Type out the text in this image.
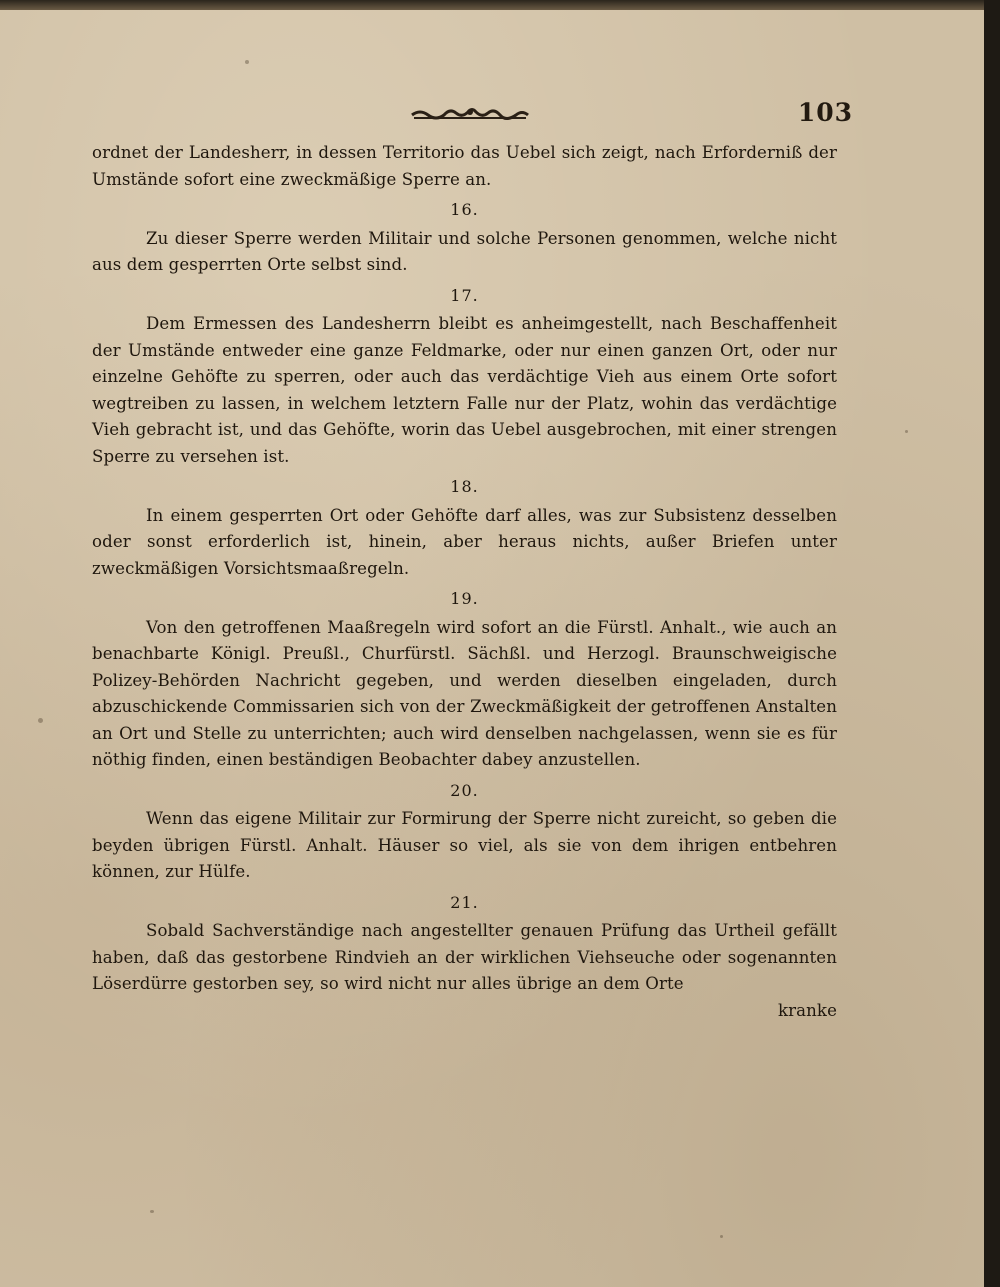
103

ordnet der Landesherr, in dessen Territorio das Uebel sich zeigt, nach Erforderniß der Umstände sofort eine zweckmäßige Sperre an.

16.

Zu dieser Sperre werden Militair und solche Personen genommen, welche nicht aus dem gesperrten Orte selbst sind.

17.

Dem Ermessen des Landesherrn bleibt es anheimgestellt, nach Beschaffenheit der Umstände entweder eine ganze Feldmarke, oder nur einen ganzen Ort, oder nur einzelne Gehöfte zu sperren, oder auch das verdächtige Vieh aus einem Orte sofort wegtreiben zu lassen, in welchem letztern Falle nur der Platz, wohin das verdächtige Vieh gebracht ist, und das Gehöfte, worin das Uebel ausgebrochen, mit einer strengen Sperre zu versehen ist.

18.

In einem gesperrten Ort oder Gehöfte darf alles, was zur Subsistenz desselben oder sonst erforderlich ist, hinein, aber heraus nichts, außer Briefen unter zweckmäßigen Vorsichtsmaaßregeln.

19.

Von den getroffenen Maaßregeln wird sofort an die Fürstl. Anhalt., wie auch an benachbarte Königl. Preußl., Churfürstl. Sächßl. und Herzogl. Braunschweigische Polizey-Behörden Nachricht gegeben, und werden dieselben eingeladen, durch abzuschickende Commissarien sich von der Zweckmäßigkeit der getroffenen Anstalten an Ort und Stelle zu unterrichten; auch wird denselben nachgelassen, wenn sie es für nöthig finden, einen beständigen Beobachter dabey anzustellen.

20.

Wenn das eigene Militair zur Formirung der Sperre nicht zureicht, so geben die beyden übrigen Fürstl. Anhalt. Häuser so viel, als sie von dem ihrigen entbehren können, zur Hülfe.

21.

Sobald Sachverständige nach angestellter genauen Prüfung das Urtheil gefällt haben, daß das gestorbene Rindvieh an der wirklichen Viehseuche oder sogenannten Löserdürre gestorben sey, so wird nicht nur alles übrige an dem Orte

kranke
